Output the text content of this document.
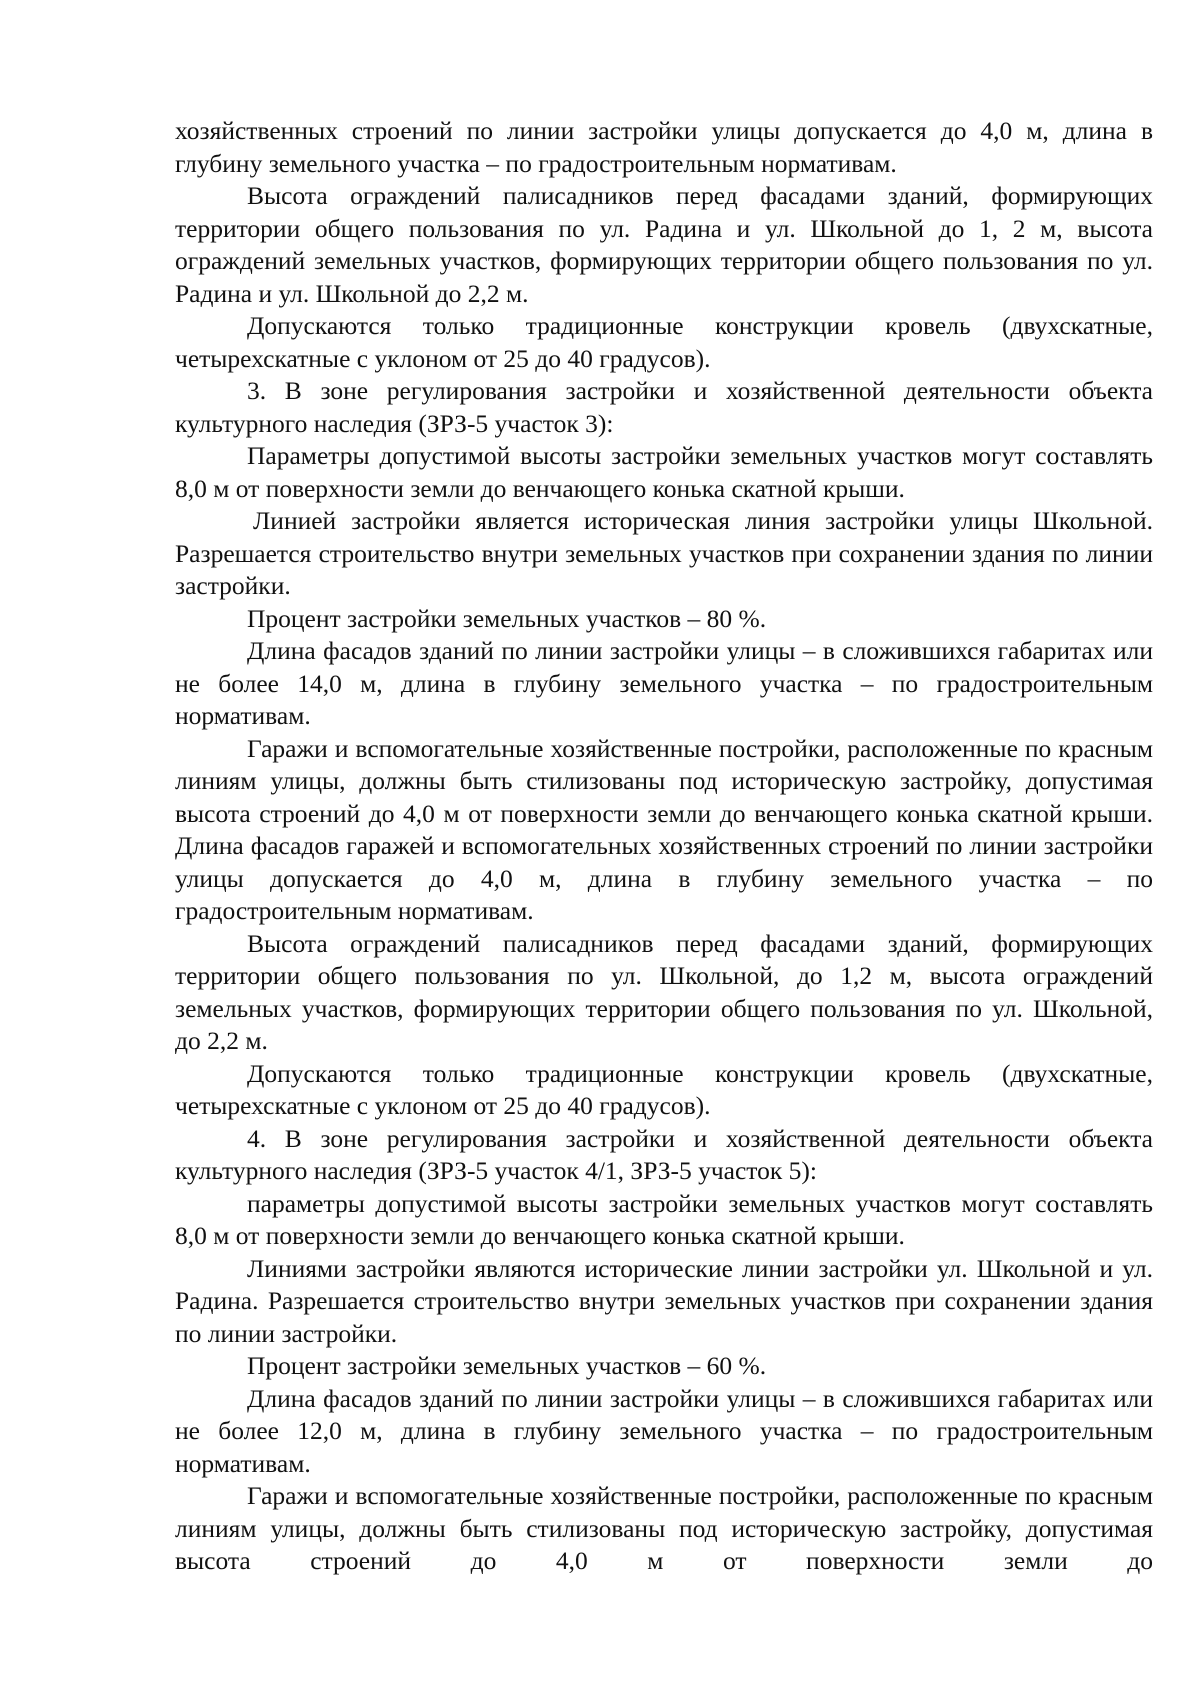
хозяйственных строений по линии застройки улицы допускается до 4,0 м, длина в глубину земельного участка – по градостроительным нормативам.

Высота ограждений палисадников перед фасадами зданий, формирующих территории общего пользования по ул. Радина и ул. Школьной до 1, 2 м, высота ограждений земельных участков, формирующих территории общего пользования по ул. Радина и ул. Школьной до 2,2 м.

Допускаются только традиционные конструкции кровель (двухскатные, четырехскатные с уклоном от 25 до 40 градусов).

3. В зоне регулирования застройки и хозяйственной деятельности объекта культурного наследия (ЗРЗ-5 участок 3):

Параметры допустимой высоты застройки земельных участков могут составлять 8,0 м от поверхности земли до венчающего конька скатной крыши.

Линией застройки является историческая линия застройки улицы Школьной. Разрешается строительство внутри земельных участков при сохранении здания по линии застройки.

Процент застройки земельных участков – 80 %.

Длина фасадов зданий по линии застройки улицы – в сложившихся габаритах или не более 14,0 м, длина в глубину земельного участка – по градостроительным нормативам.

Гаражи и вспомогательные хозяйственные постройки, расположенные по красным линиям улицы, должны быть стилизованы под историческую застройку, допустимая высота строений до 4,0 м от поверхности земли до венчающего конька скатной крыши. Длина фасадов гаражей и вспомогательных хозяйственных строений по линии застройки улицы допускается до 4,0 м, длина в глубину земельного участка – по градостроительным нормативам.

Высота ограждений палисадников перед фасадами зданий, формирующих территории общего пользования по ул. Школьной, до 1,2 м, высота ограждений земельных участков, формирующих территории общего пользования по ул. Школьной, до 2,2 м.

Допускаются только традиционные конструкции кровель (двухскатные, четырехскатные с уклоном от 25 до 40 градусов).

4. В зоне регулирования застройки и хозяйственной деятельности объекта культурного наследия (ЗРЗ-5 участок 4/1, ЗРЗ-5 участок 5):

параметры допустимой высоты застройки земельных участков могут составлять 8,0 м от поверхности земли до венчающего конька скатной крыши.

Линиями застройки являются исторические линии застройки ул. Школьной и ул. Радина. Разрешается строительство внутри земельных участков при сохранении здания по линии застройки.

Процент застройки земельных участков – 60 %.

Длина фасадов зданий по линии застройки улицы – в сложившихся габаритах или не более 12,0 м, длина в глубину земельного участка – по градостроительным нормативам.

Гаражи и вспомогательные хозяйственные постройки, расположенные по красным линиям улицы, должны быть стилизованы под историческую застройку, допустимая высота строений до 4,0 м от поверхности земли до
